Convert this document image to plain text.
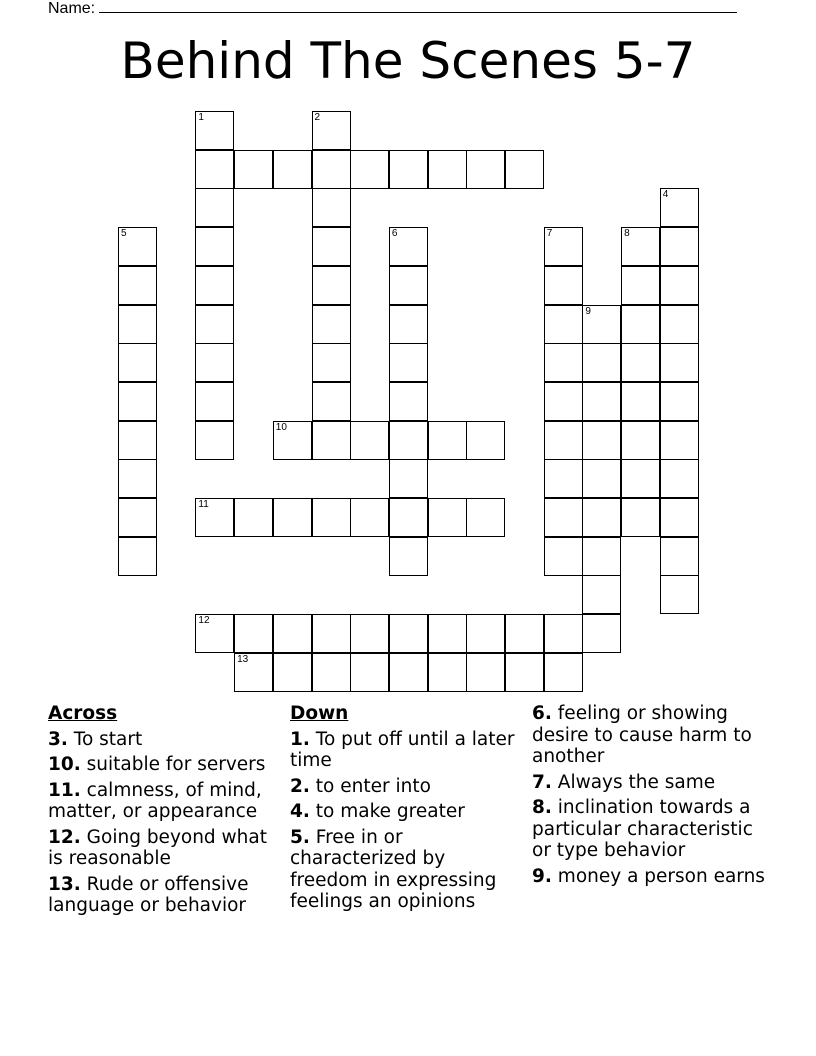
Name:
Behind The Scenes 5-7
10
11
12
13
1	2
4
5	6	7	8
9
Across
3. To start
10. suitable for servers
11. calmness, of mind, matter, or appearance
12. Going beyond what is reasonable
13. Rude or offensive language or behavior
Down
1. To put off until a later time
2. to enter into
4. to make greater
5. Free in or characterized by freedom in expressing feelings an opinions
6. feeling or showing desire to cause harm to another
7. Always the same
8. inclination towards a particular characteristic or type behavior
9. money a person earns
